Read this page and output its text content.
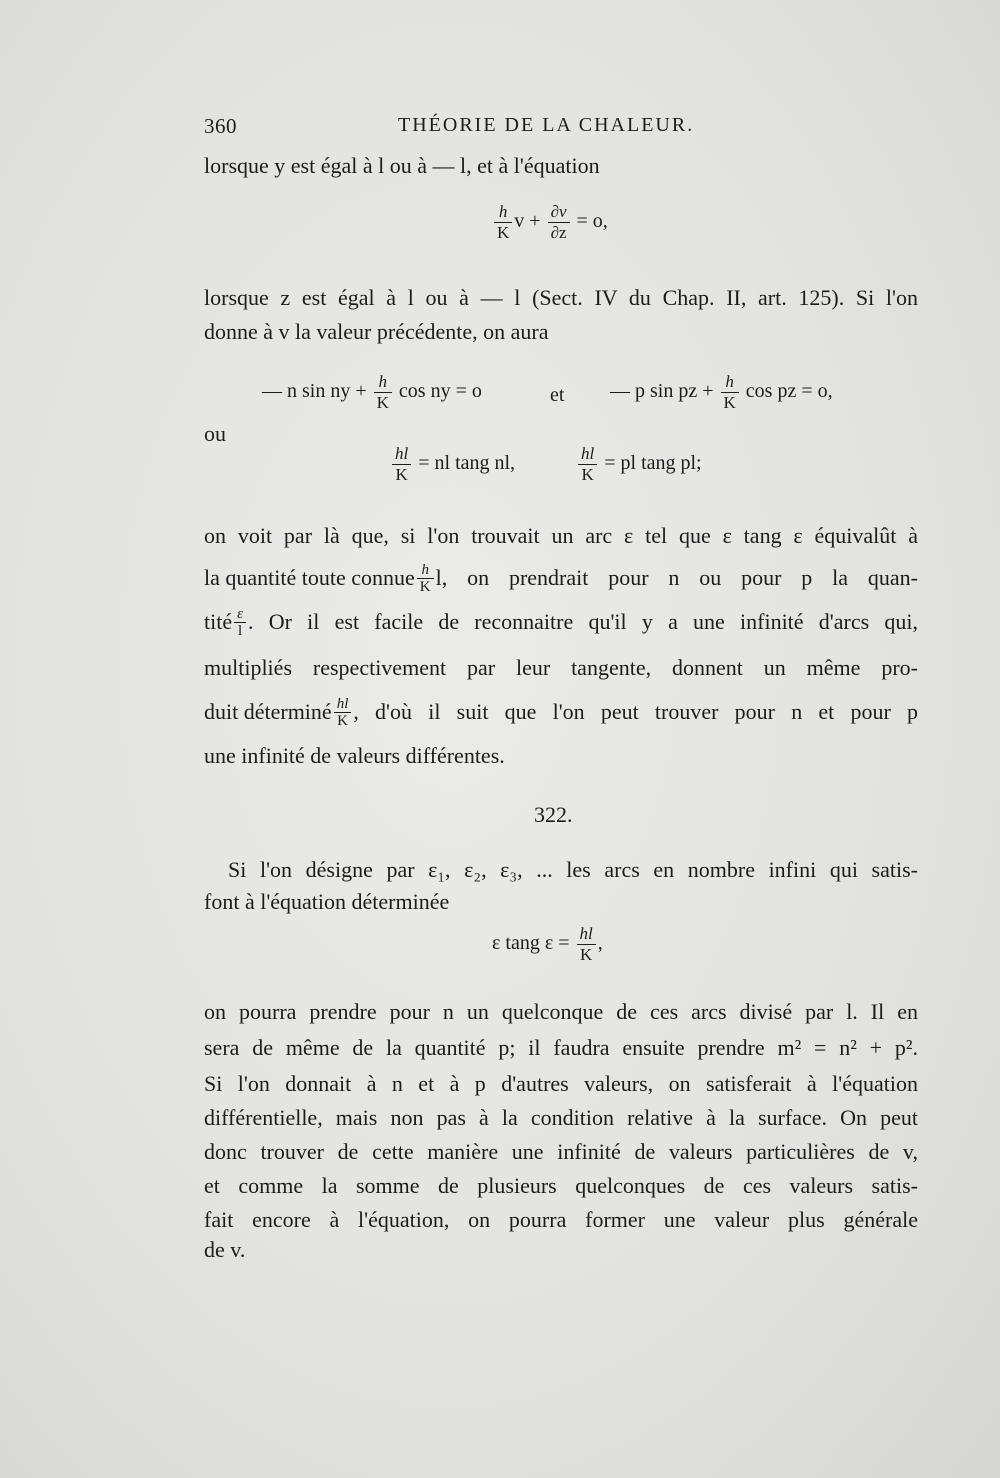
360	THÉORIE DE LA CHALEUR.
lorsque y est égal à l ou à — l, et à l'équation
$\frac{h}{K}$ $v + \frac{\partial v}{\partial z} = o$,
lorsque z est égal à l ou à — l (Sect. IV du Chap. II, art. 125). Si l'on
donne à v la valeur précédente, on aura
— n sin ny + $\frac{h}{K}$ cos ny = o	et — p sin pz + $\frac{h}{K}$ cos pz = o,
ou
$\frac{hl}{K}$ = nl tang nl,	$\frac{hl}{K}$ = pl tang pl;
on voit par là que, si l'on trouvait un arc ε tel que ε tang ε équivalût à
la quantité toute connue $\frac{h}{K} l$, on prendrait pour n ou pour p la quan-
tité $\frac{\varepsilon}{l}$ . Or il est facile de reconnaitre qu'il y a une infinité d'arcs qui,
multipliés respectivement par leur tangente, donnent un même pro-
duit déterminé $\frac{hl}{K}$ , d'où il suit que l'on peut trouver pour n et pour p
une infinité de valeurs différentes.
322.
Si l'on désigne par ε₁, ε₂, ε₃, ... les arcs en nombre infini qui satis-
font à l'équation déterminée
ε tang $\varepsilon = \frac{hl}{K}$ ,
on pourra prendre pour n un quelconque de ces arcs divisé par l. Il en
sera de même de la quantité p; il faudra ensuite prendre m² = n² + p².
Si l'on donnait à n et à p d'autres valeurs, on satisferait à l'équation
différentielle, mais non pas à la condition relative à la surface. On peut
donc trouver de cette manière une infinité de valeurs particulières de v,
et comme la somme de plusieurs quelconques de ces valeurs satis-
fait encore à l'équation, on pourra former une valeur plus générale
de v.
